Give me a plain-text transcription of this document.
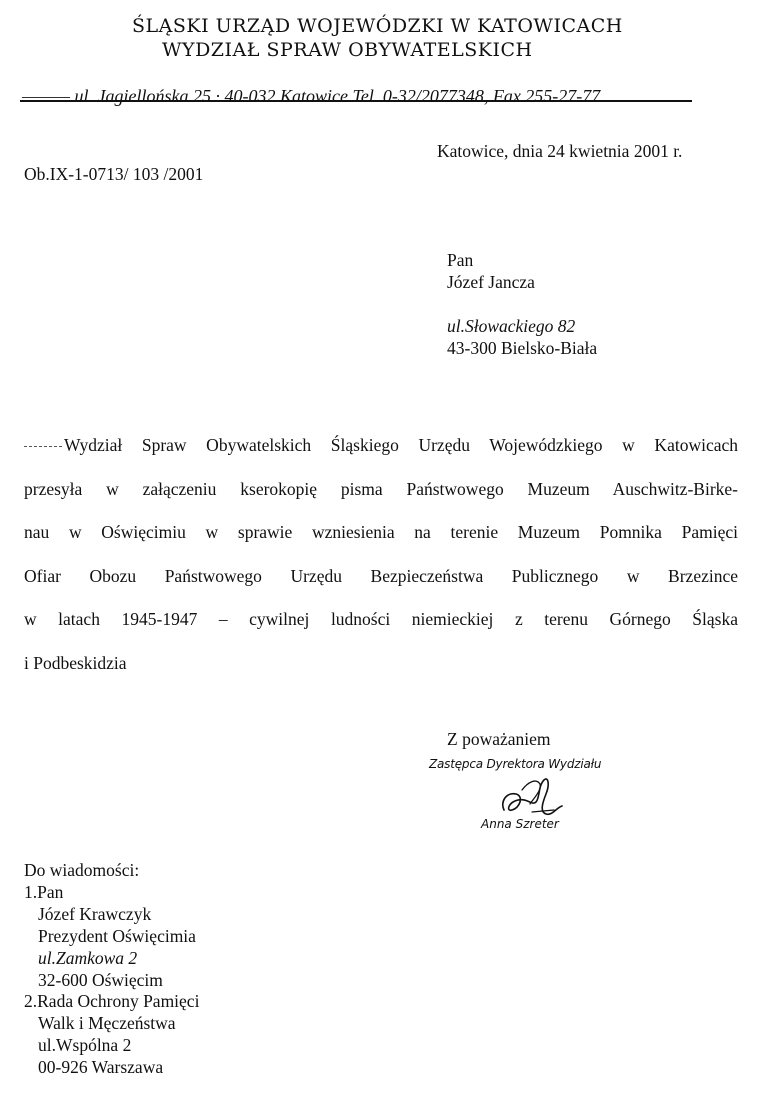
ŚLĄSKI URZĄD WOJEWÓDZKI W KATOWICACH
WYDZIAŁ SPRAW OBYWATELSKICH
——— ul. Jagiellońska 25 · 40-032 Katowice Tel. 0-32/2077348, Fax 255-27-77
Katowice, dnia 24 kwietnia 2001 r.
Ob.IX-1-0713/ 103 /2001
Pan
Józef Jancza
ul.Słowackiego 82
43-300 Bielsko-Biała
Wydział Spraw Obywatelskich Śląskiego Urzędu Wojewódzkiego w Katowicach
przesyła w załączeniu kserokopię pisma Państwowego Muzeum Auschwitz-Birke-
nau w Oświęcimiu w sprawie wzniesienia na terenie Muzeum Pomnika Pamięci
Ofiar Obozu Państwowego Urzędu Bezpieczeństwa Publicznego w Brzezince
w latach 1945-1947 – cywilnej ludności niemieckiej z terenu Górnego Śląska
i Podbeskidzia
Z poważaniem
Zastępca Dyrektora Wydziału
Anna Szreter
Do wiadomości:
1.Pan
Józef Krawczyk
Prezydent Oświęcimia
ul.Zamkowa 2
32-600 Oświęcim
2.Rada Ochrony Pamięci
Walk i Męczeństwa
ul.Wspólna 2
00-926 Warszawa
